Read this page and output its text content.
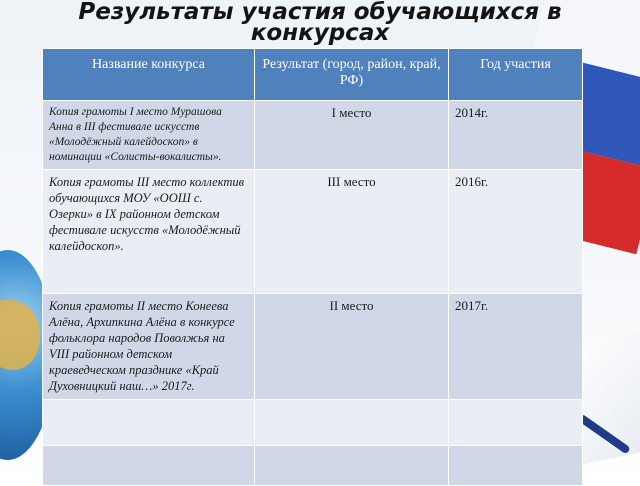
Результаты участия обучающихся в конкурсах
Название конкурса	Результат (город, район, край, РФ)	Год участия
Копия грамоты I место Мурашова Анна в III фестивале искусств «Молодёжный калейдоскоп» в номинации «Солисты-вокалисты».	I место	2014г.
Копия грамоты III место коллектив обучающихся МОУ «ООШ с. Озерки» в IX районном детском фестивале искусств «Молодёжный калейдоскоп».	III место	2016г.
Копия грамоты II место Конеева Алёна, Архипкина Алёна в конкурсе фольклора народов Поволжья на VIII районном детском краеведческом празднике «Край Духовницкий наш…» 2017г.	II место	2017г.
